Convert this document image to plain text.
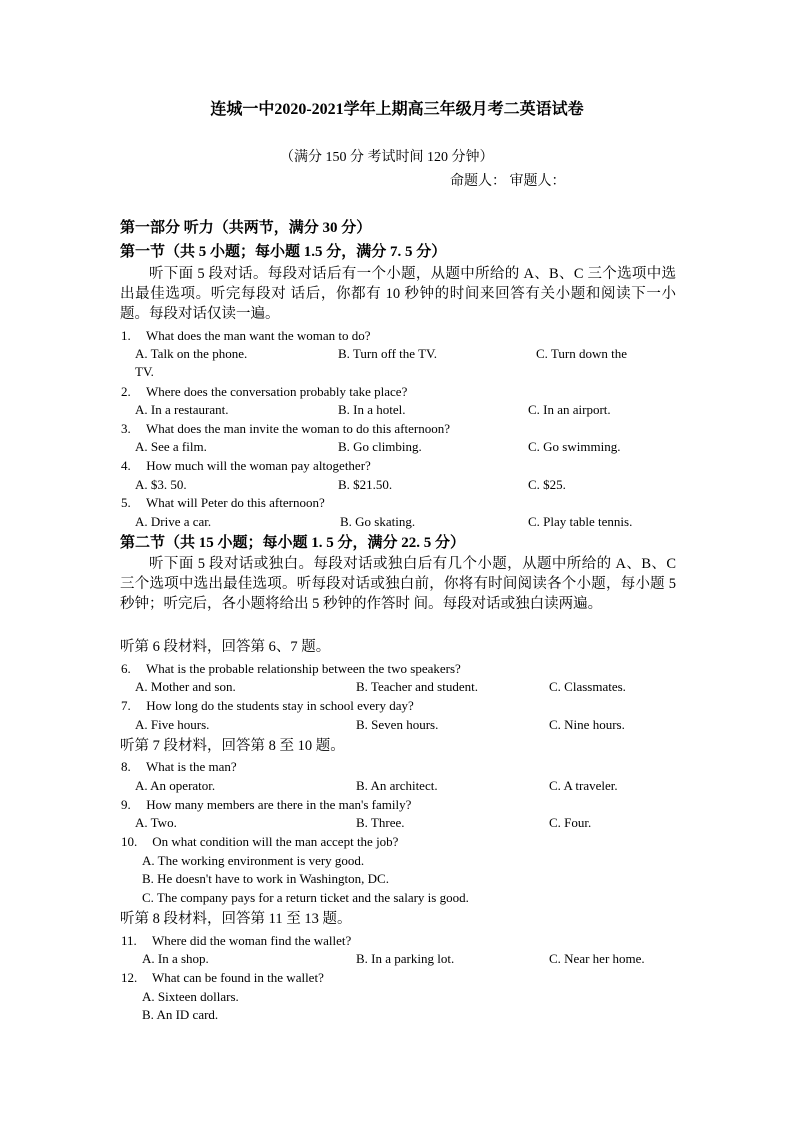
连城一中2020-2021学年上期高三年级月考二英语试卷
（满分 150 分 考试时间 120 分钟）
命题人： 审题人：
第一部分 听力（共两节，满分 30 分）
第一节（共 5 小题；每小题 1.5 分，满分 7. 5 分）
听下面 5 段对话。每段对话后有一个小题，从题中所给的 A、B、C 三个选项中选出最佳选项。听完每段对 话后，你都有 10 秒钟的时间来回答有关小题和阅读下一小题。每段对话仅读一遍。
1. What does the man want the woman to do?
A. Talk on the phone.	B. Turn off the TV.	C. Turn down the
TV.
2. Where does the conversation probably take place?
A. In a restaurant.	B. In a hotel.	C. In an airport.
3. What does the man invite the woman to do this afternoon?
A. See a film.	B. Go climbing.	C. Go swimming.
4. How much will the woman pay altogether?
A. $3. 50.	B. $21.50.	C. $25.
5. What will Peter do this afternoon?
A. Drive a car.	B. Go skating.	C. Play table tennis.
第二节（共 15 小题；每小题 1. 5 分，满分 22. 5 分）
听下面 5 段对话或独白。每段对话或独白后有几个小题，从题中所给的 A、B、C 三个选项中选出最佳选项。听每段对话或独白前，你将有时间阅读各个小题，每小题 5 秒钟；听完后，各小题将给出 5 秒钟的作答时 间。每段对话或独白读两遍。
听第 6 段材料，回答第 6、7 题。
6. What is the probable relationship between the two speakers?
A. Mother and son.	B. Teacher and student.	C. Classmates.
7. How long do the students stay in school every day?
A. Five hours.	B. Seven hours.	C. Nine hours.
听第 7 段材料，回答第 8 至 10 题。
8. What is the man?
A. An operator.	B. An architect.	C. A traveler.
9. How many members are there in the man's family?
A. Two.	B. Three.	C. Four.
10. On what condition will the man accept the job?
A. The working environment is very good.
B. He doesn't have to work in Washington, DC.
C. The company pays for a return ticket and the salary is good.
听第 8 段材料，回答第 11 至 13 题。
11. Where did the woman find the wallet?
A. In a shop.	B. In a parking lot.	C. Near her home.
12. What can be found in the wallet?
A. Sixteen dollars.
B. An ID card.
